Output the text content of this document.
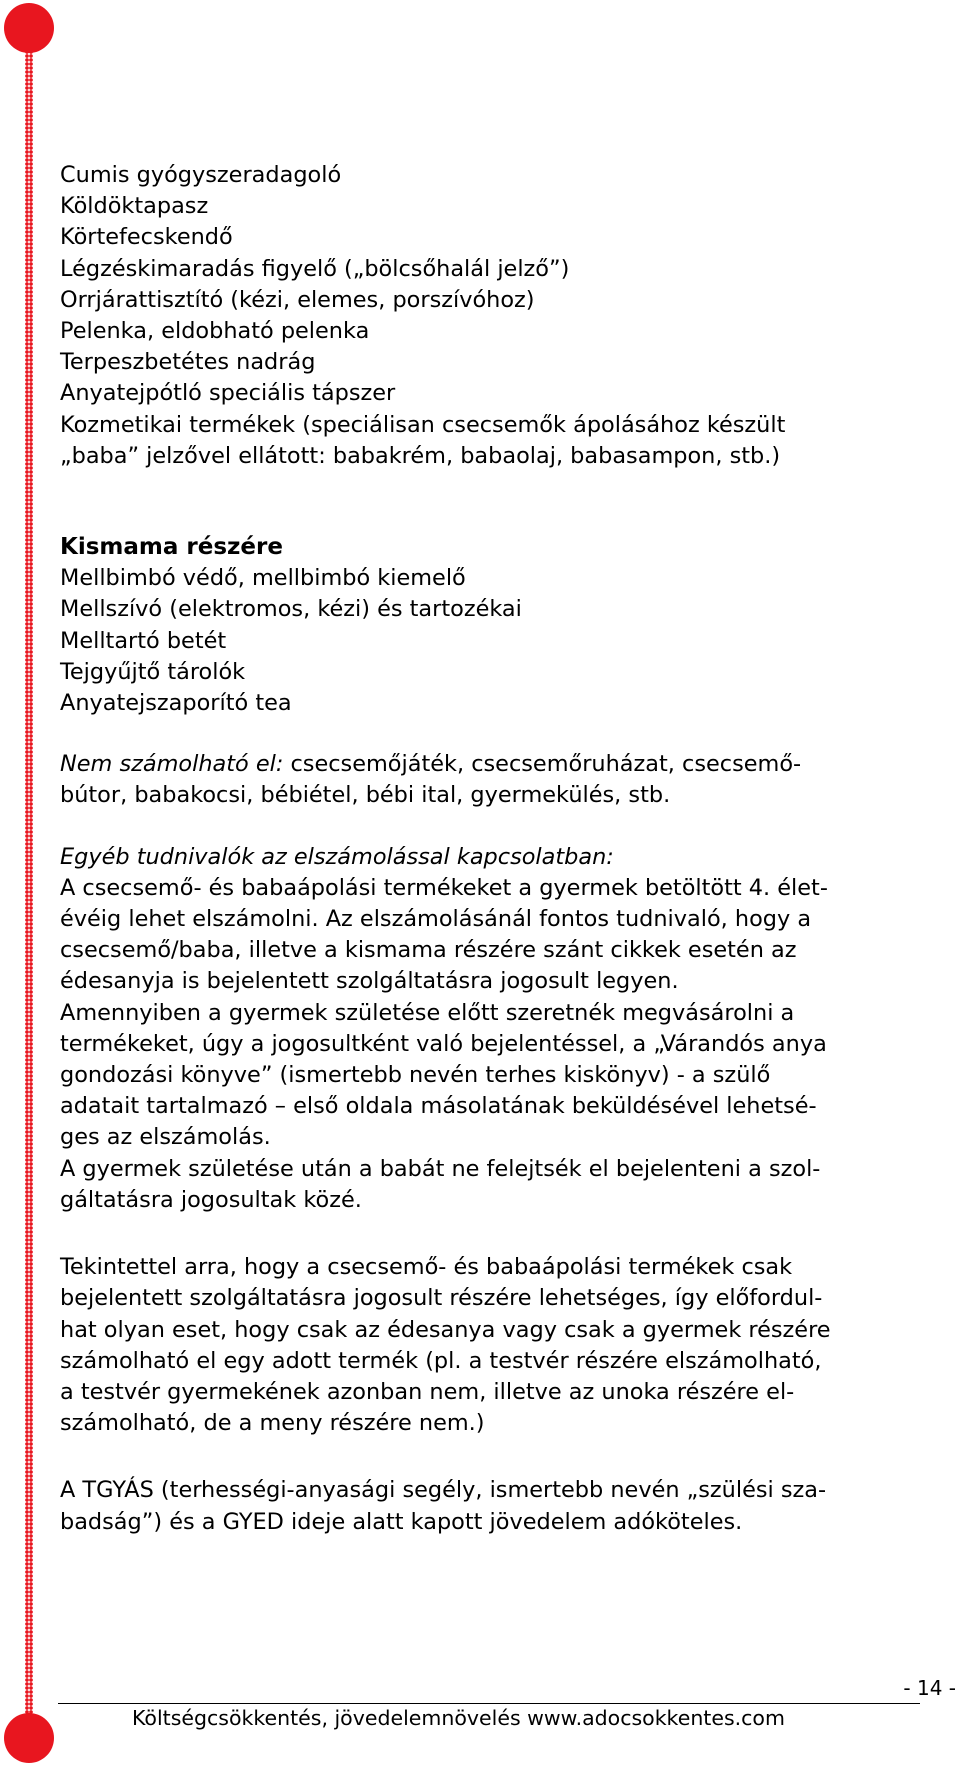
Cumis gyógyszeradagoló
Köldöktapasz
Körtefecskendő
Légzéskimaradás figyelő („bölcsőhalál jelző”)
Orrjárattisztító (kézi, elemes, porszívóhoz)
Pelenka, eldobható pelenka
Terpeszbetétes nadrág
Anyatejpótló speciális tápszer
Kozmetikai termékek (speciálisan csecsemők ápolásához készült
„baba” jelzővel ellátott: babakrém, babaolaj, babasampon, stb.)
Kismama részére
Mellbimbó védő, mellbimbó kiemelő
Mellszívó (elektromos, kézi) és tartozékai
Melltartó betét
Tejgyűjtő tárolók
Anyatejszaporító tea
Nem számolható el: csecsemőjáték, csecsemőruházat, csecsemő-
bútor, babakocsi, bébiétel, bébi ital, gyermekülés, stb.
Egyéb tudnivalók az elszámolással kapcsolatban:
A csecsemő- és babaápolási termékeket a gyermek betöltött 4. élet-
évéig lehet elszámolni. Az elszámolásánál fontos tudnivaló, hogy a
csecsemő/baba, illetve a kismama részére szánt cikkek esetén az
édesanyja is bejelentett szolgáltatásra jogosult legyen.
Amennyiben a gyermek születése előtt szeretnék megvásárolni a
termékeket, úgy a jogosultként való bejelentéssel, a „Várandós anya
gondozási könyve” (ismertebb nevén terhes kiskönyv) - a szülő
adatait tartalmazó – első oldala másolatának beküldésével lehetsé-
ges az elszámolás.
A gyermek születése után a babát ne felejtsék el bejelenteni a szol-
gáltatásra jogosultak közé.
Tekintettel arra, hogy a csecsemő- és babaápolási termékek csak
bejelentett szolgáltatásra jogosult részére lehetséges, így előfordul-
hat olyan eset, hogy csak az édesanya vagy csak a gyermek részére
számolható el egy adott termék (pl. a testvér részére elszámolható,
a testvér gyermekének azonban nem, illetve az unoka részére el-
számolható, de a meny részére nem.)
A TGYÁS (terhességi-anyasági segély, ismertebb nevén „szülési sza-
badság”) és a GYED ideje alatt kapott jövedelem adóköteles.
- 14 -
Költségcsökkentés, jövedelemnövelés www.adocsokkentes.com
